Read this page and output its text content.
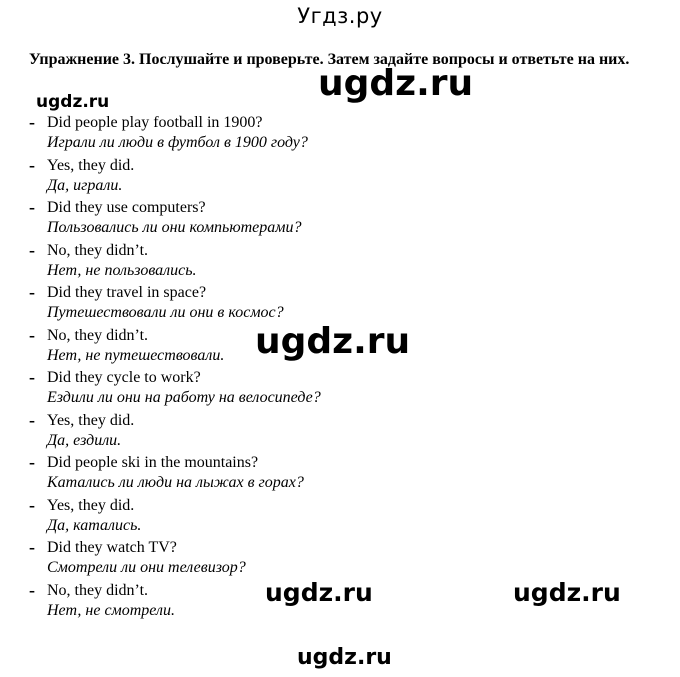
Угдз.ру
Упражнение 3. Послушайте и проверьте. Затем задайте вопросы и ответьте на них.
- Did people play football in 1900?
Играли ли люди в футбол в 1900 году?
- Yes, they did.
Да, играли.
- Did they use computers?
Пользовались ли они компьютерами?
- No, they didn’t.
Нет, не пользовались.
- Did they travel in space?
Путешествовали ли они в космос?
- No, they didn’t.
Нет, не путешествовали.
- Did they cycle to work?
Ездили ли они на работу на велосипеде?
- Yes, they did.
Да, ездили.
- Did people ski in the mountains?
Катались ли люди на лыжах в горах?
- Yes, they did.
Да, катались.
- Did they watch TV?
Смотрели ли они телевизор?
- No, they didn’t.
Нет, не смотрели.
ugdz.ru	ugdz.ru
ugdz.ru
ugdz.ru	ugdz.ru
ugdz.ru
